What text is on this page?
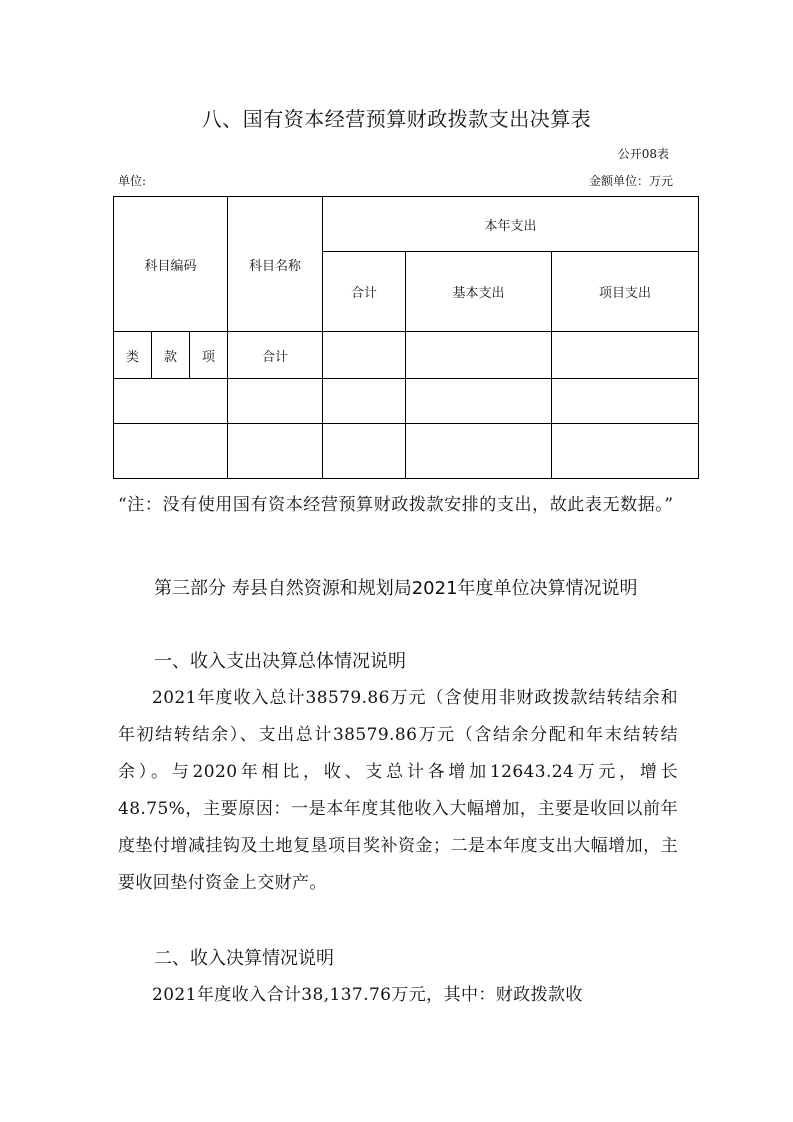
八、国有资本经营预算财政拨款支出决算表
公开08表
单位:	金额单位：万元
科目编码			科目名称	本年支出		
				合计	基本支出	项目支出
类	款	项	合计			

“注：没有使用国有资本经营预算财政拨款安排的支出，故此表无数据。”
第三部分 寿县自然资源和规划局2021年度单位决算情况说明
一、收入支出决算总体情况说明
2021年度收入总计38579.86万元（含使用非财政拨款结转结余和年初结转结余）、支出总计38579.86万元（含结余分配和年末结转结余）。与2020年相比，收、支总计各增加12643.24万元，增长48.75%，主要原因：一是本年度其他收入大幅增加，主要是收回以前年度垫付增减挂钩及土地复垦项目奖补资金；二是本年度支出大幅增加，主要收回垫付资金上交财产。
二、收入决算情况说明
2021年度收入合计38,137.76万元，其中：财政拨款收
